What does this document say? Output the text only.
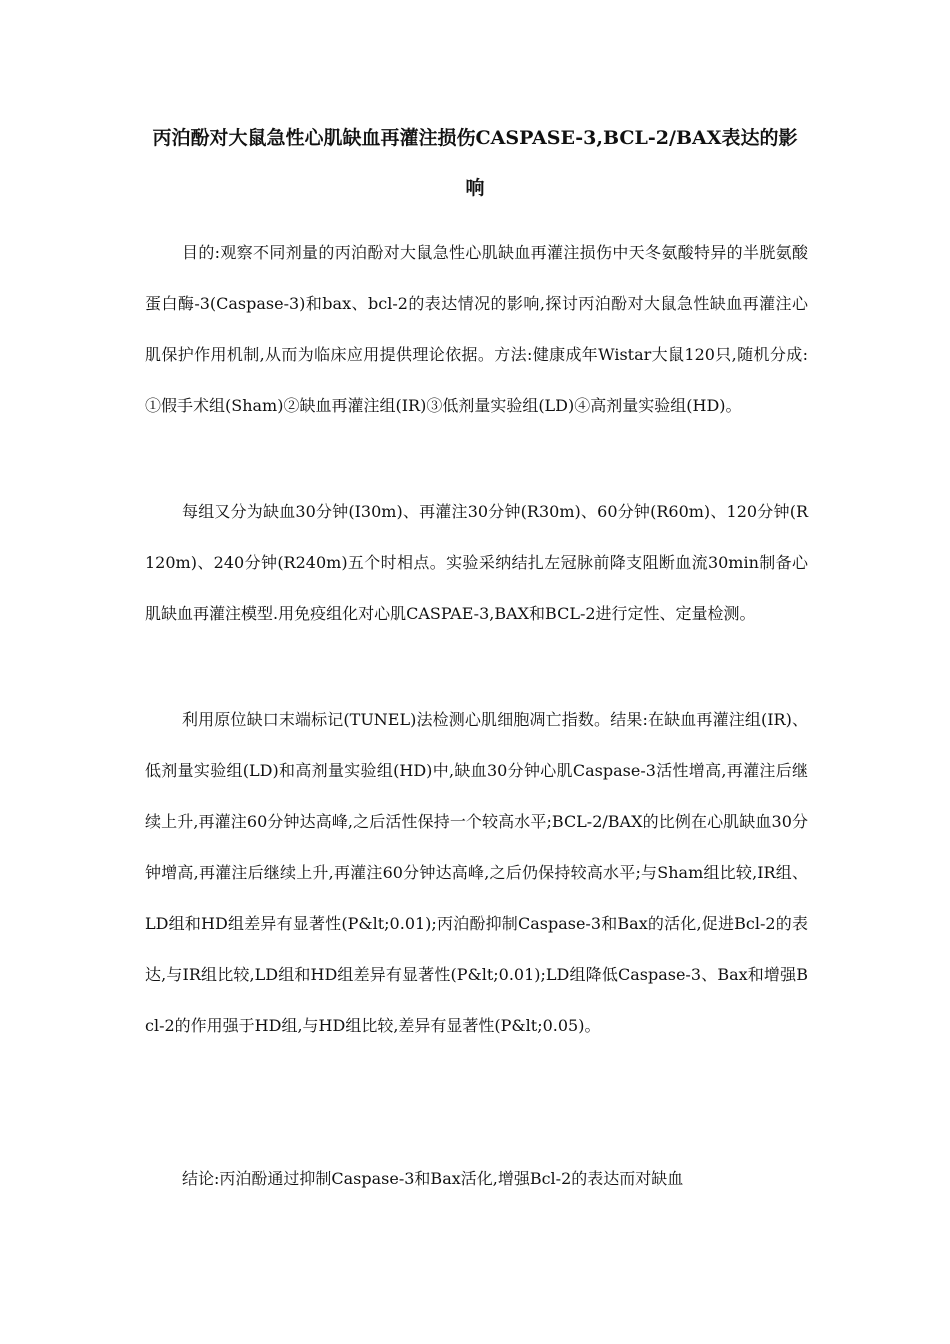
丙泊酚对大鼠急性心肌缺血再灌注损伤CASPASE-3,BCL-2/BAX表达的影响

目的:观察不同剂量的丙泊酚对大鼠急性心肌缺血再灌注损伤中天冬氨酸特异的半胱氨酸蛋白酶-3(Caspase-3)和bax、bcl-2的表达情况的影响,探讨丙泊酚对大鼠急性缺血再灌注心肌保护作用机制,从而为临床应用提供理论依据。方法:健康成年Wistar大鼠120只,随机分成:①假手术组(Sham)②缺血再灌注组(IR)③低剂量实验组(LD)④高剂量实验组(HD)。

每组又分为缺血30分钟(I30m)、再灌注30分钟(R30m)、60分钟(R60m)、120分钟(R120m)、240分钟(R240m)五个时相点。实验采纳结扎左冠脉前降支阻断血流30min制备心肌缺血再灌注模型.用免疫组化对心肌CASPAE-3,BAX和BCL-2进行定性、定量检测。

利用原位缺口末端标记(TUNEL)法检测心肌细胞凋亡指数。结果:在缺血再灌注组(IR)、低剂量实验组(LD)和高剂量实验组(HD)中,缺血30分钟心肌Caspase-3活性增高,再灌注后继续上升,再灌注60分钟达高峰,之后活性保持一个较高水平;BCL-2/BAX的比例在心肌缺血30分钟增高,再灌注后继续上升,再灌注60分钟达高峰,之后仍保持较高水平;与Sham组比较,IR组、LD组和HD组差异有显著性(P&lt;0.01);丙泊酚抑制Caspase-3和Bax的活化,促进Bcl-2的表达,与IR组比较,LD组和HD组差异有显著性(P&lt;0.01);LD组降低Caspase-3、Bax和增强Bcl-2的作用强于HD组,与HD组比较,差异有显著性(P&lt;0.05)。

结论:丙泊酚通过抑制Caspase-3和Bax活化,增强Bcl-2的表达而对缺血
